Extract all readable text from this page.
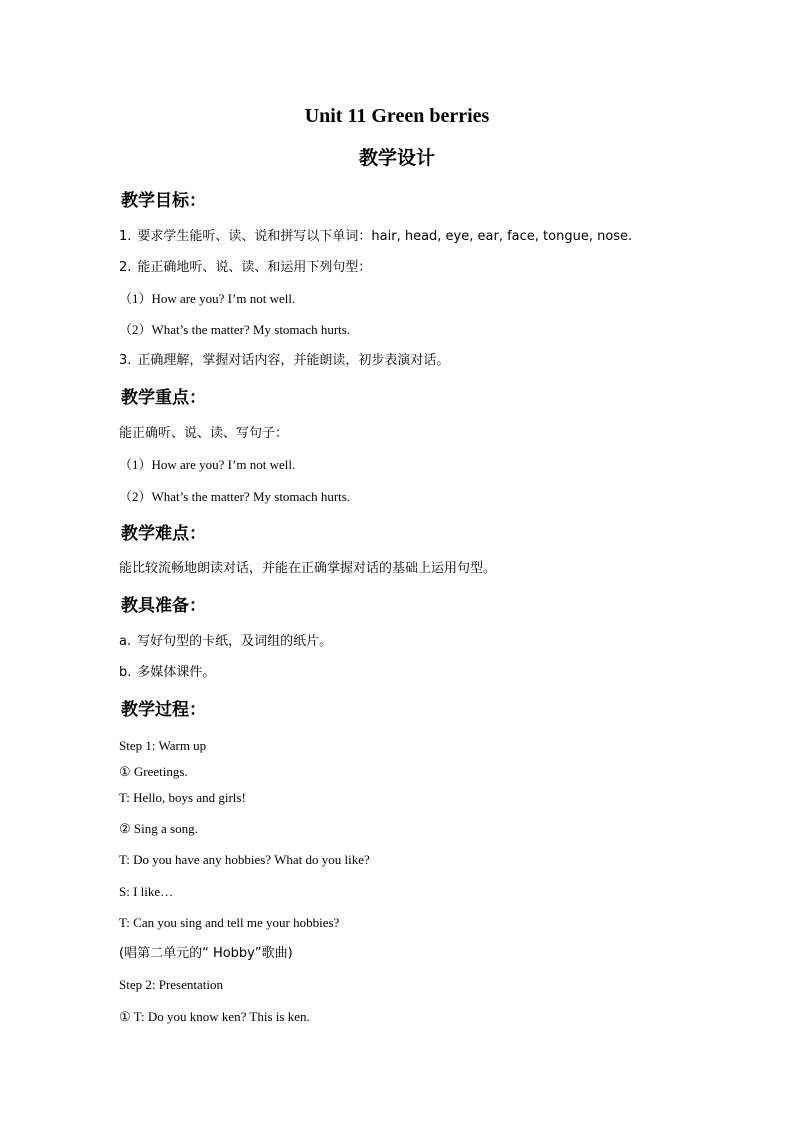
Unit 11 Green berries
教学设计
教学目标：
1. 要求学生能听、读、说和拼写以下单词：hair, head, eye, ear, face, tongue, nose.
2. 能正确地听、说、读、和运用下列句型：
（1）How are you? I’m not well.
（2）What’s the matter? My stomach hurts.
3. 正确理解，掌握对话内容，并能朗读，初步表演对话。
教学重点：
能正确听、说、读、写句子：
（1）How are you? I’m not well.
（2）What’s the matter? My stomach hurts.
教学难点：
能比较流畅地朗读对话，并能在正确掌握对话的基础上运用句型。
教具准备：
a. 写好句型的卡纸，及词组的纸片。
b. 多媒体课件。
教学过程：
Step 1: Warm up
① Greetings.
T: Hello, boys and girls!
② Sing a song.
T: Do you have any hobbies? What do you like?
S: I like…
T: Can you sing and tell me your hobbies?
(唱第二单元的“ Hobby”歌曲)
Step 2: Presentation
① T: Do you know ken? This is ken.
